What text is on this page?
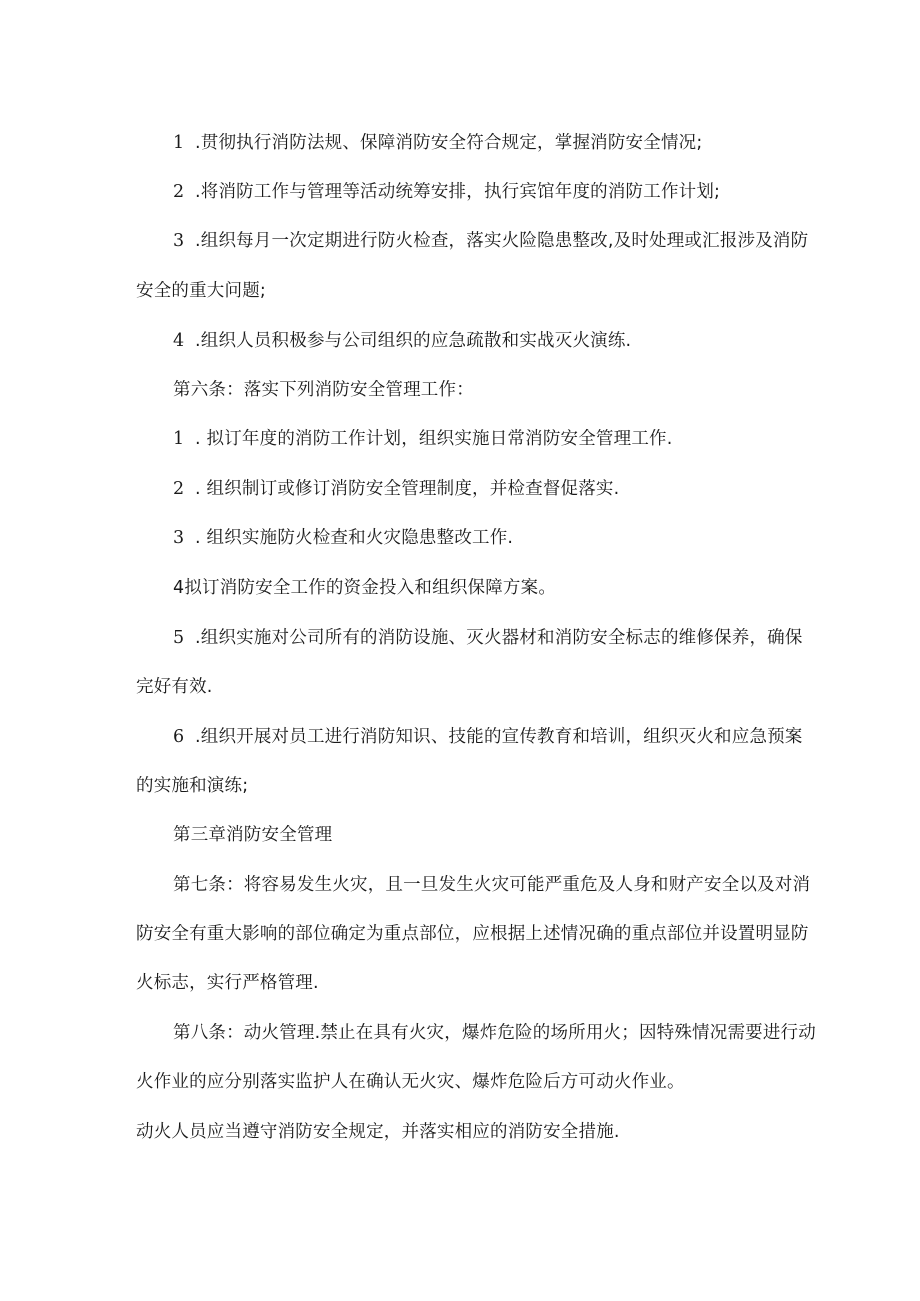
1 .贯彻执行消防法规、保障消防安全符合规定，掌握消防安全情况;
2 .将消防工作与管理等活动统筹安排，执行宾馆年度的消防工作计划;
3 .组织每月一次定期进行防火检查，落实火险隐患整改,及时处理或汇报涉及消防
安全的重大问题;
4 .组织人员积极参与公司组织的应急疏散和实战灭火演练.
第六条：落实下列消防安全管理工作：
1 . 拟订年度的消防工作计划，组织实施日常消防安全管理工作.
2 . 组织制订或修订消防安全管理制度，并检查督促落实.
3 . 组织实施防火检查和火灾隐患整改工作.
4拟订消防安全工作的资金投入和组织保障方案。
5 .组织实施对公司所有的消防设施、灭火器材和消防安全标志的维修保养，确保
完好有效.
6 .组织开展对员工进行消防知识、技能的宣传教育和培训，组织灭火和应急预案
的实施和演练;
第三章消防安全管理
第七条：将容易发生火灾，且一旦发生火灾可能严重危及人身和财产安全以及对消
防安全有重大影响的部位确定为重点部位，应根据上述情况确的重点部位并设置明显防
火标志，实行严格管理.
第八条：动火管理.禁止在具有火灾，爆炸危险的场所用火；因特殊情况需要进行动
火作业的应分别落实监护人在确认无火灾、爆炸危险后方可动火作业。
动火人员应当遵守消防安全规定，并落实相应的消防安全措施.
